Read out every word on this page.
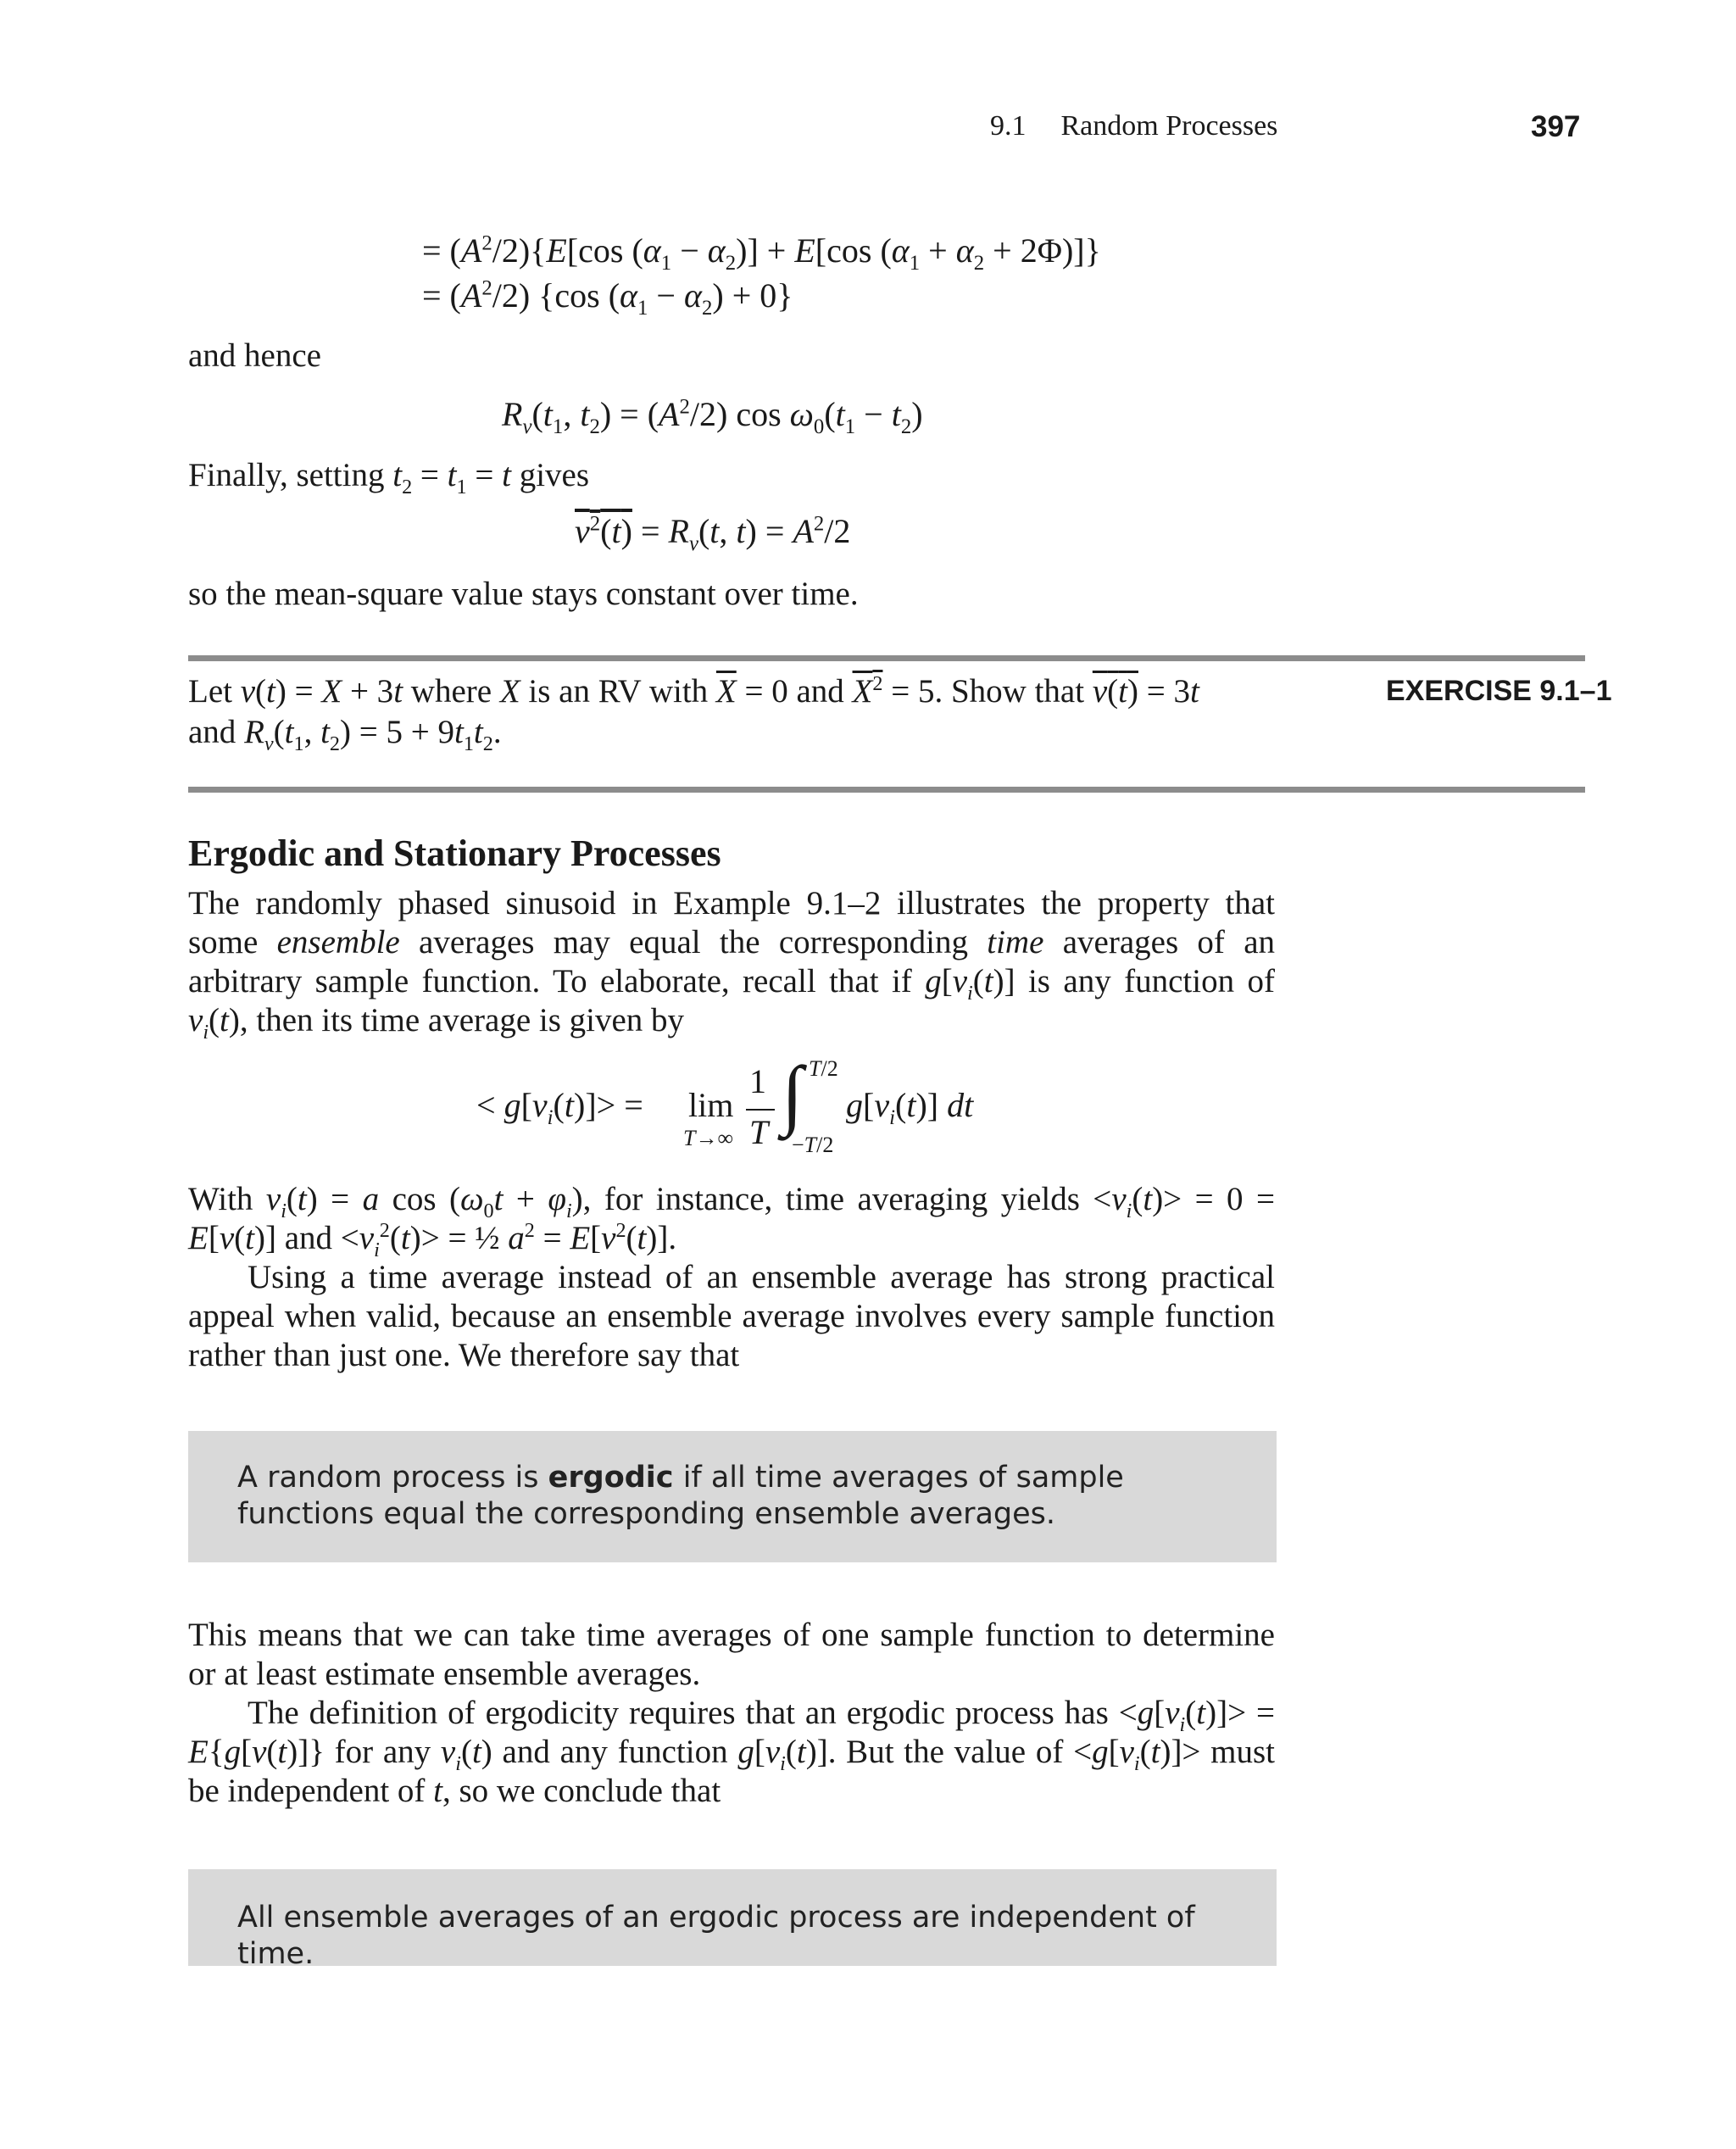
9.1 Random Processes	397
= $(A^2/2)\{E[\cos$ $(\alpha_1 - \alpha_2)] + E[\cos$ $(\alpha_1 + \alpha_2 + 2\Phi)$]}
= $(A^2/2)$ {cos $(\alpha_1 - \alpha_2) + 0$}
and hence
$R_v(t_1$, $t_2) = (A^2/2)$ $\cos \omega_0(t_1 - t_2)$
Finally, setting $t_2 = t_1 = t$ gives
$v^2(t) = R_v(t$, $t) = A^2/2$
so the mean-square value stays constant over time.
Let v(t) = X + 3t where X is an RV with $\overline{X} = 0$ and $X^2 = 5$. Show that v(t) = 3t
and $R_v(t_1$, $t_2) = 5 + 9t_1t_2$.
EXERCISE 9.1–1
Ergodic and Stationary Processes
The randomly phased sinusoid in Example 9.1–2 illustrates the property that some ensemble averages may equal the corresponding time averages of an arbitrary sample function. To elaborate, recall that if $g[v_i(t)]$ is any function of $v_i(t)$, then its time average is given by
< $g[v_i(t)]> = \lim$
T→∞
1
T ∫ T/2
−T/2
$g[v_i(t)]$ dt
With $v_i(t) = a$ $\cos (\omega_0t + \varphi_i)$, for instance, time averaging yields $<v_i(t)> = 0 = E[v(t)]$ and $<v_i^2(t)>$ = ½ $a^2 = E[v^2(t)]$.
Using a time average instead of an ensemble average has strong practical appeal when valid, because an ensemble average involves every sample function rather than just one. We therefore say that
A random process is ergodic if all time averages of sample functions equal the corresponding ensemble averages.
This means that we can take time averages of one sample function to determine or at least estimate ensemble averages.
The definition of ergodicity requires that an ergodic process has $<g[v_i(t)]> = E\{g[v(t)]\}$ for any $v_i(t)$ and any function $g[v_i(t)]$. But the value of $<g[v_i(t)]>$ must be independent of t, so we conclude that
All ensemble averages of an ergodic process are independent of time.
